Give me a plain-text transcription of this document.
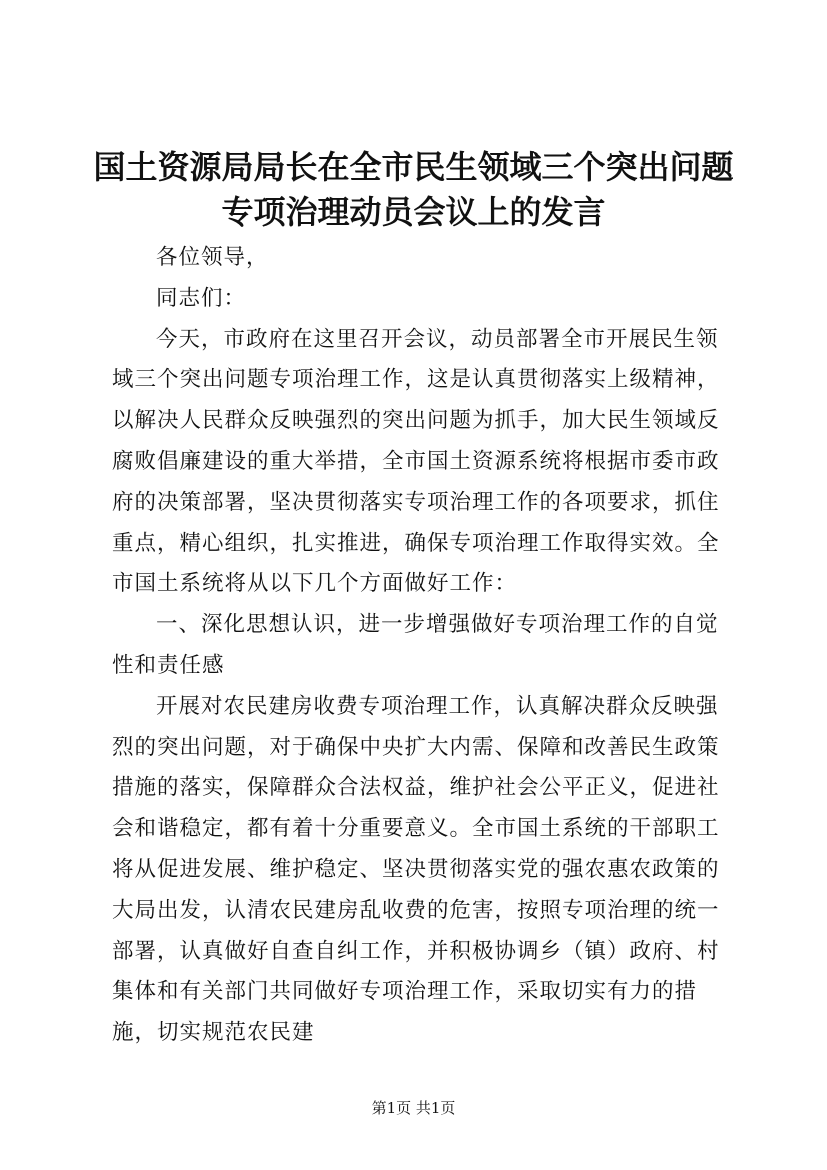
国土资源局局长在全市民生领域三个突出问题
专项治理动员会议上的发言

各位领导，

同志们：

今天，市政府在这里召开会议，动员部署全市开展民生领域三个突出问题专项治理工作，这是认真贯彻落实上级精神，以解决人民群众反映强烈的突出问题为抓手，加大民生领域反腐败倡廉建设的重大举措，全市国土资源系统将根据市委市政府的决策部署，坚决贯彻落实专项治理工作的各项要求，抓住重点，精心组织，扎实推进，确保专项治理工作取得实效。全市国土系统将从以下几个方面做好工作：

一、深化思想认识，进一步增强做好专项治理工作的自觉性和责任感

开展对农民建房收费专项治理工作，认真解决群众反映强烈的突出问题，对于确保中央扩大内需、保障和改善民生政策措施的落实，保障群众合法权益，维护社会公平正义，促进社会和谐稳定，都有着十分重要意义。全市国土系统的干部职工将从促进发展、维护稳定、坚决贯彻落实党的强农惠农政策的大局出发，认清农民建房乱收费的危害，按照专项治理的统一部署，认真做好自查自纠工作，并积极协调乡（镇）政府、村集体和有关部门共同做好专项治理工作，采取切实有力的措施，切实规范农民建

第1页 共1页
